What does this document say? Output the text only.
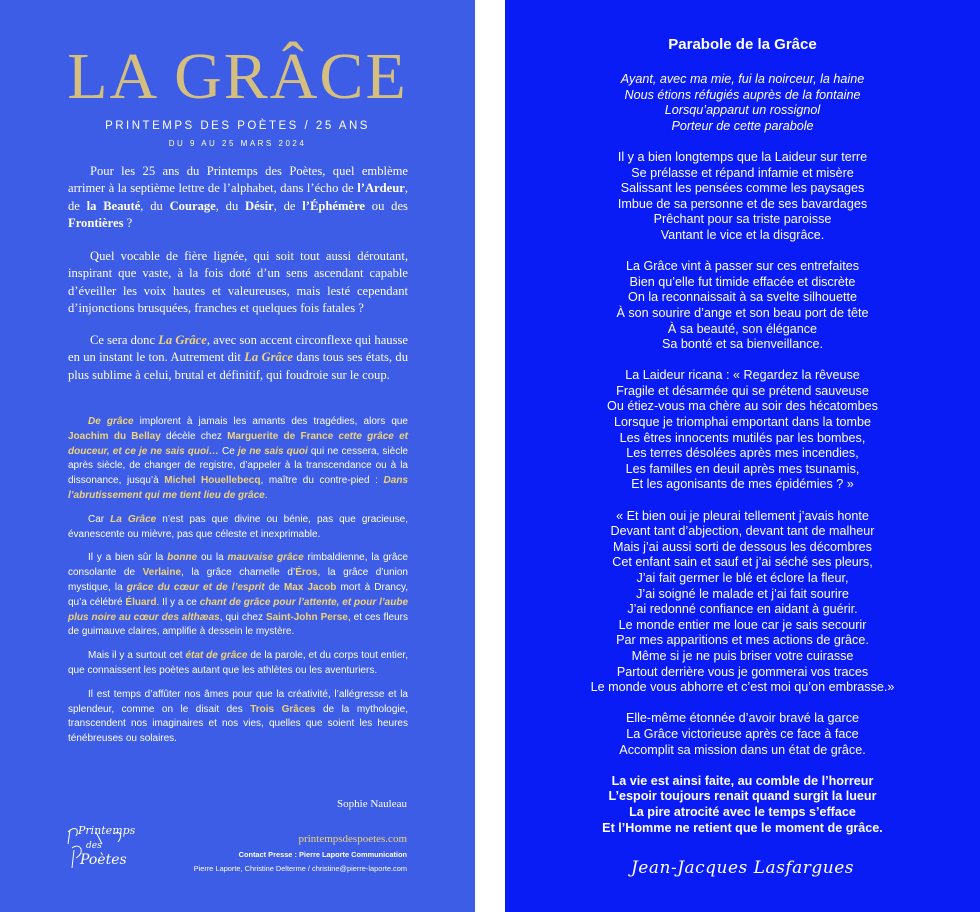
LA GRÂCE
PRINTEMPS DES POÈTES / 25 ANS
DU 9 AU 25 MARS 2024

Pour les 25 ans du Printemps des Poètes, quel emblème arrimer à la septième lettre de l’alphabet, dans l’écho de l’Ardeur, de la Beauté, du Courage, du Désir, de l’Éphémère ou des Frontières ?

Quel vocable de fière lignée, qui soit tout aussi déroutant, inspirant que vaste, à la fois doté d’un sens ascendant capable d’éveiller les voix hautes et valeureuses, mais lesté cependant d’injonctions brusquées, franches et quelques fois fatales ?

Ce sera donc La Grâce, avec son accent circonflexe qui hausse en un instant le ton. Autrement dit La Grâce dans tous ses états, du plus sublime à celui, brutal et définitif, qui foudroie sur le coup.

De grâce implorent à jamais les amants des tragédies, alors que Joachim du Bellay décèle chez Marguerite de France cette grâce et douceur, et ce je ne sais quoi… Ce je ne sais quoi qui ne cessera, siècle après siècle, de changer de registre, d’appeler à la transcendance ou à la dissonance, jusqu’à Michel Houellebecq, maître du contre-pied : Dans l’abrutissement qui me tient lieu de grâce.

Car La Grâce n’est pas que divine ou bénie, pas que gracieuse, évanescente ou mièvre, pas que céleste et inexprimable.

Il y a bien sûr la bonne ou la mauvaise grâce rimbaldienne, la grâce consolante de Verlaine, la grâce charnelle d’Éros, la grâce d’union mystique, la grâce du cœur et de l’esprit de Max Jacob mort à Drancy, qu’a célébré Éluard. Il y a ce chant de grâce pour l’attente, et pour l’aube plus noire au cœur des althæas, qui chez Saint-John Perse, et ces fleurs de guimauve claires, amplifie à dessein le mystère.

Mais il y a surtout cet état de grâce de la parole, et du corps tout entier, que connaissent les poètes autant que les athlètes ou les aventuriers.

Il est temps d’affûter nos âmes pour que la créativité, l’allégresse et la splendeur, comme on le disait des Trois Grâces de la mythologie, transcendent nos imaginaires et nos vies, quelles que soient les heures ténébreuses ou solaires.

Sophie Nauleau
Printemps
des
Poètes
printempsdespoetes.com
Contact Presse : Pierre Laporte Communication
Pierre Laporte, Christine Delterme / christine@pierre-laporte.com
Parabole de la Grâce
Ayant, avec ma mie, fui la noirceur, la haine
Nous étions réfugiés auprès de la fontaine
Lorsqu’apparut un rossignol
Porteur de cette parabole
Il y a bien longtemps que la Laideur sur terre
Se prélasse et répand infamie et misère
Salissant les pensées comme les paysages
Imbue de sa personne et de ses bavardages
Prêchant pour sa triste paroisse
Vantant le vice et la disgrâce.
La Grâce vint à passer sur ces entrefaites
Bien qu’elle fut timide effacée et discrète
On la reconnaissait à sa svelte silhouette
À son sourire d’ange et son beau port de tête
À sa beauté, son élégance
Sa bonté et sa bienveillance.
La Laideur ricana : « Regardez la rêveuse
Fragile et désarmée qui se prétend sauveuse
Ou étiez-vous ma chère au soir des hécatombes
Lorsque je triomphai emportant dans la tombe
Les êtres innocents mutilés par les bombes,
Les terres désolées après mes incendies,
Les familles en deuil après mes tsunamis,
Et les agonisants de mes épidémies ? »
« Et bien oui je pleurai tellement j’avais honte
Devant tant d’abjection, devant tant de malheur
Mais j’ai aussi sorti de dessous les décombres
Cet enfant sain et sauf et j’ai séché ses pleurs,
J’ai fait germer le blé et éclore la fleur,
J’ai soigné le malade et j’ai fait sourire
J’ai redonné confiance en aidant à guérir.
Le monde entier me loue car je sais secourir
Par mes apparitions et mes actions de grâce.
Même si je ne puis briser votre cuirasse
Partout derrière vous je gommerai vos traces
Le monde vous abhorre et c’est moi qu’on embrasse.»
Elle-même étonnée d’avoir bravé la garce
La Grâce victorieuse après ce face à face
Accomplit sa mission dans un état de grâce.
La vie est ainsi faite, au comble de l’horreur
L’espoir toujours renait quand surgit la lueur
La pire atrocité avec le temps s’efface
Et l’Homme ne retient que le moment de grâce.
Jean-Jacques Lasfargues
